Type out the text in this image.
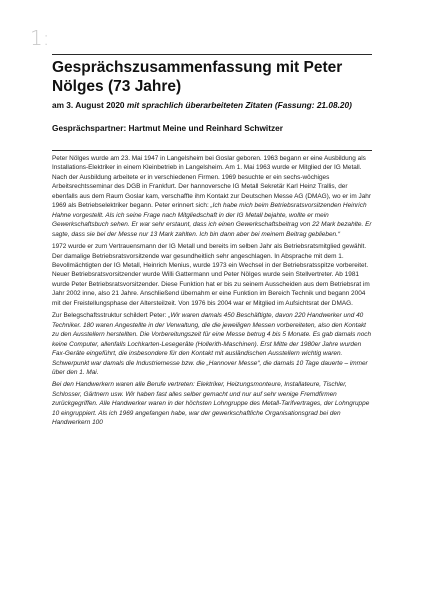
1:
Gesprächszusammenfassung mit Peter Nölges (73 Jahre)
am 3. August 2020 mit sprachlich überarbeiteten Zitaten (Fassung: 21.08.20)
Gesprächspartner: Hartmut Meine und Reinhard Schwitzer

Peter Nölges wurde am 23. Mai 1947 in Langelsheim bei Goslar geboren. 1963 begann er eine Ausbildung als Installations-Elektriker in einem Kleinbetrieb in Langelsheim. Am 1. Mai 1963 wurde er Mitglied der IG Metall. Nach der Ausbildung arbeitete er in verschiedenen Firmen. 1969 besuchte er ein sechs-wöchiges Arbeitsrechtsseminar des DGB in Frankfurt. Der hannoversche IG Metall Sekretär Karl Heinz Trallis, der ebenfalls aus dem Raum Goslar kam, verschaffte ihm Kontakt zur Deutschen Messe AG (DMAG), wo er im Jahr 1969 als Betriebselektriker begann. Peter erinnert sich: „Ich habe mich beim Betriebsratsvorsitzenden Heinrich Hahne vorgestellt. Als ich seine Frage nach Mitgliedschaft in der IG Metall bejahte, wollte er mein Gewerkschaftsbuch sehen. Er war sehr erstaunt, dass ich einen Gewerkschaftsbeitrag von 22 Mark bezahlte. Er sagte, dass sie bei der Messe nur 13 Mark zahlten. Ich bin dann aber bei meinem Beitrag geblieben.“

1972 wurde er zum Vertrauensmann der IG Metall und bereits im selben Jahr als Betriebsratsmitglied gewählt. Der damalige Betriebsratsvorsitzende war gesundheitlich sehr angeschlagen. In Absprache mit dem 1. Bevollmächtigten der IG Metall, Heinrich Menius, wurde 1973 ein Wechsel in der Betriebsratsspitze vorbereitet. Neuer Betriebsratsvorsitzender wurde Willi Gattermann und Peter Nölges wurde sein Stellvertreter. Ab 1981 wurde Peter Betriebsratsvorsitzender. Diese Funktion hat er bis zu seinem Ausscheiden aus dem Betriebsrat im Jahr 2002 inne, also 21 Jahre. Anschließend übernahm er eine Funktion im Bereich Technik und begann 2004 mit der Freistellungsphase der Altersteilzeit. Von 1976 bis 2004 war er Mitglied im Aufsichtsrat der DMAG.

Zur Belegschaftsstruktur schildert Peter: „Wir waren damals 450 Beschäftigte, davon 220 Handwerker und 40 Techniker. 180 waren Angestellte in der Verwaltung, die die jeweiligen Messen vorbereiteten, also den Kontakt zu den Ausstellern herstellten. Die Vorbereitungszeit für eine Messe betrug 4 bis 5 Monate. Es gab damals noch keine Computer, allenfalls Lochkarten-Lesegeräte (Hollerith-Maschinen). Erst Mitte der 1980er Jahre wurden Fax-Geräte eingeführt, die insbesondere für den Kontakt mit ausländischen Ausstellern wichtig waren. Schwerpunkt war damals die Industriemesse bzw. die „Hannover Messe“, die damals 10 Tage dauerte – immer über den 1. Mai.

Bei den Handwerkern waren alle Berufe vertreten: Elektriker, Heizungsmonteure, Installateure, Tischler, Schlosser, Gärtnern usw. Wir haben fast alles selber gemacht und nur auf sehr wenige Fremdfirmen zurückgegriffen. Alle Handwerker waren in der höchsten Lohngruppe des Metall-Tarifvertrages, der Lohngruppe 10 eingruppiert. Als ich 1969 angefangen habe, war der gewerkschaftliche Organisationsgrad bei den Handwerkern 100
